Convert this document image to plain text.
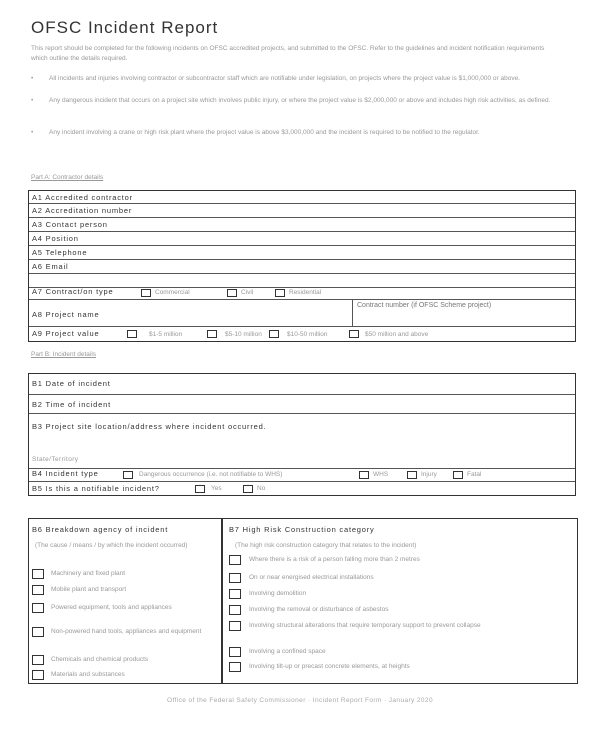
OFSC Incident Report
This report should be completed for the following incidents on OFSC accredited projects, and submitted to the OFSC. Refer to the guidelines and incident notification requirements which outline the details required.
• All incidents and injuries involving contractor or subcontractor staff which are notifiable under legislation, on projects where the project value is $1,000,000 or above.
• Any dangerous incident that occurs on a project site which involves public injury, or where the project value is $2,000,000 or above and includes high risk activities, as defined.
• Any incident involving a crane or high risk plant where the project value is above $3,000,000 and the incident is required to be notified to the regulator.
Part A: Contractor details
A1 Accredited contractor
A2 Accreditation number
A3 Contact person
A4 Position
A5 Telephone
A6 Email
A7 Contract/on type	Commercial	Civil	Residential
A8 Project name
Contract number (if OFSC Scheme project)
A9 Project value	$1-5 million	$5-10 million	$10-50 million	$50 million and above
Part B: Incident details
B1 Date of incident
B2 Time of incident
B3 Project site location/address where incident occurred.
State/Territory
B4 Incident type	Dangerous occurrence (i.e. not notifiable to WHS)	WHS	Injury	Fatal
B5 Is this a notifiable incident?	Yes	No
B6 Breakdown agency of incident
(The cause / means / by which the incident occurred)
Machinery and fixed plant
Mobile plant and transport
Powered equipment, tools and appliances
Non-powered hand tools, appliances and equipment
Chemicals and chemical products
Materials and substances
B7 High Risk Construction category
(The high risk construction category that relates to the incident)
Where there is a risk of a person falling more than 2 metres
On or near energised electrical installations
Involving demolition
Involving the removal or disturbance of asbestos
Involving structural alterations that require temporary support to prevent collapse
Involving a confined space
Involving tilt-up or precast concrete elements, at heights
Office of the Federal Safety Commissioner · Incident Report Form · January 2020
